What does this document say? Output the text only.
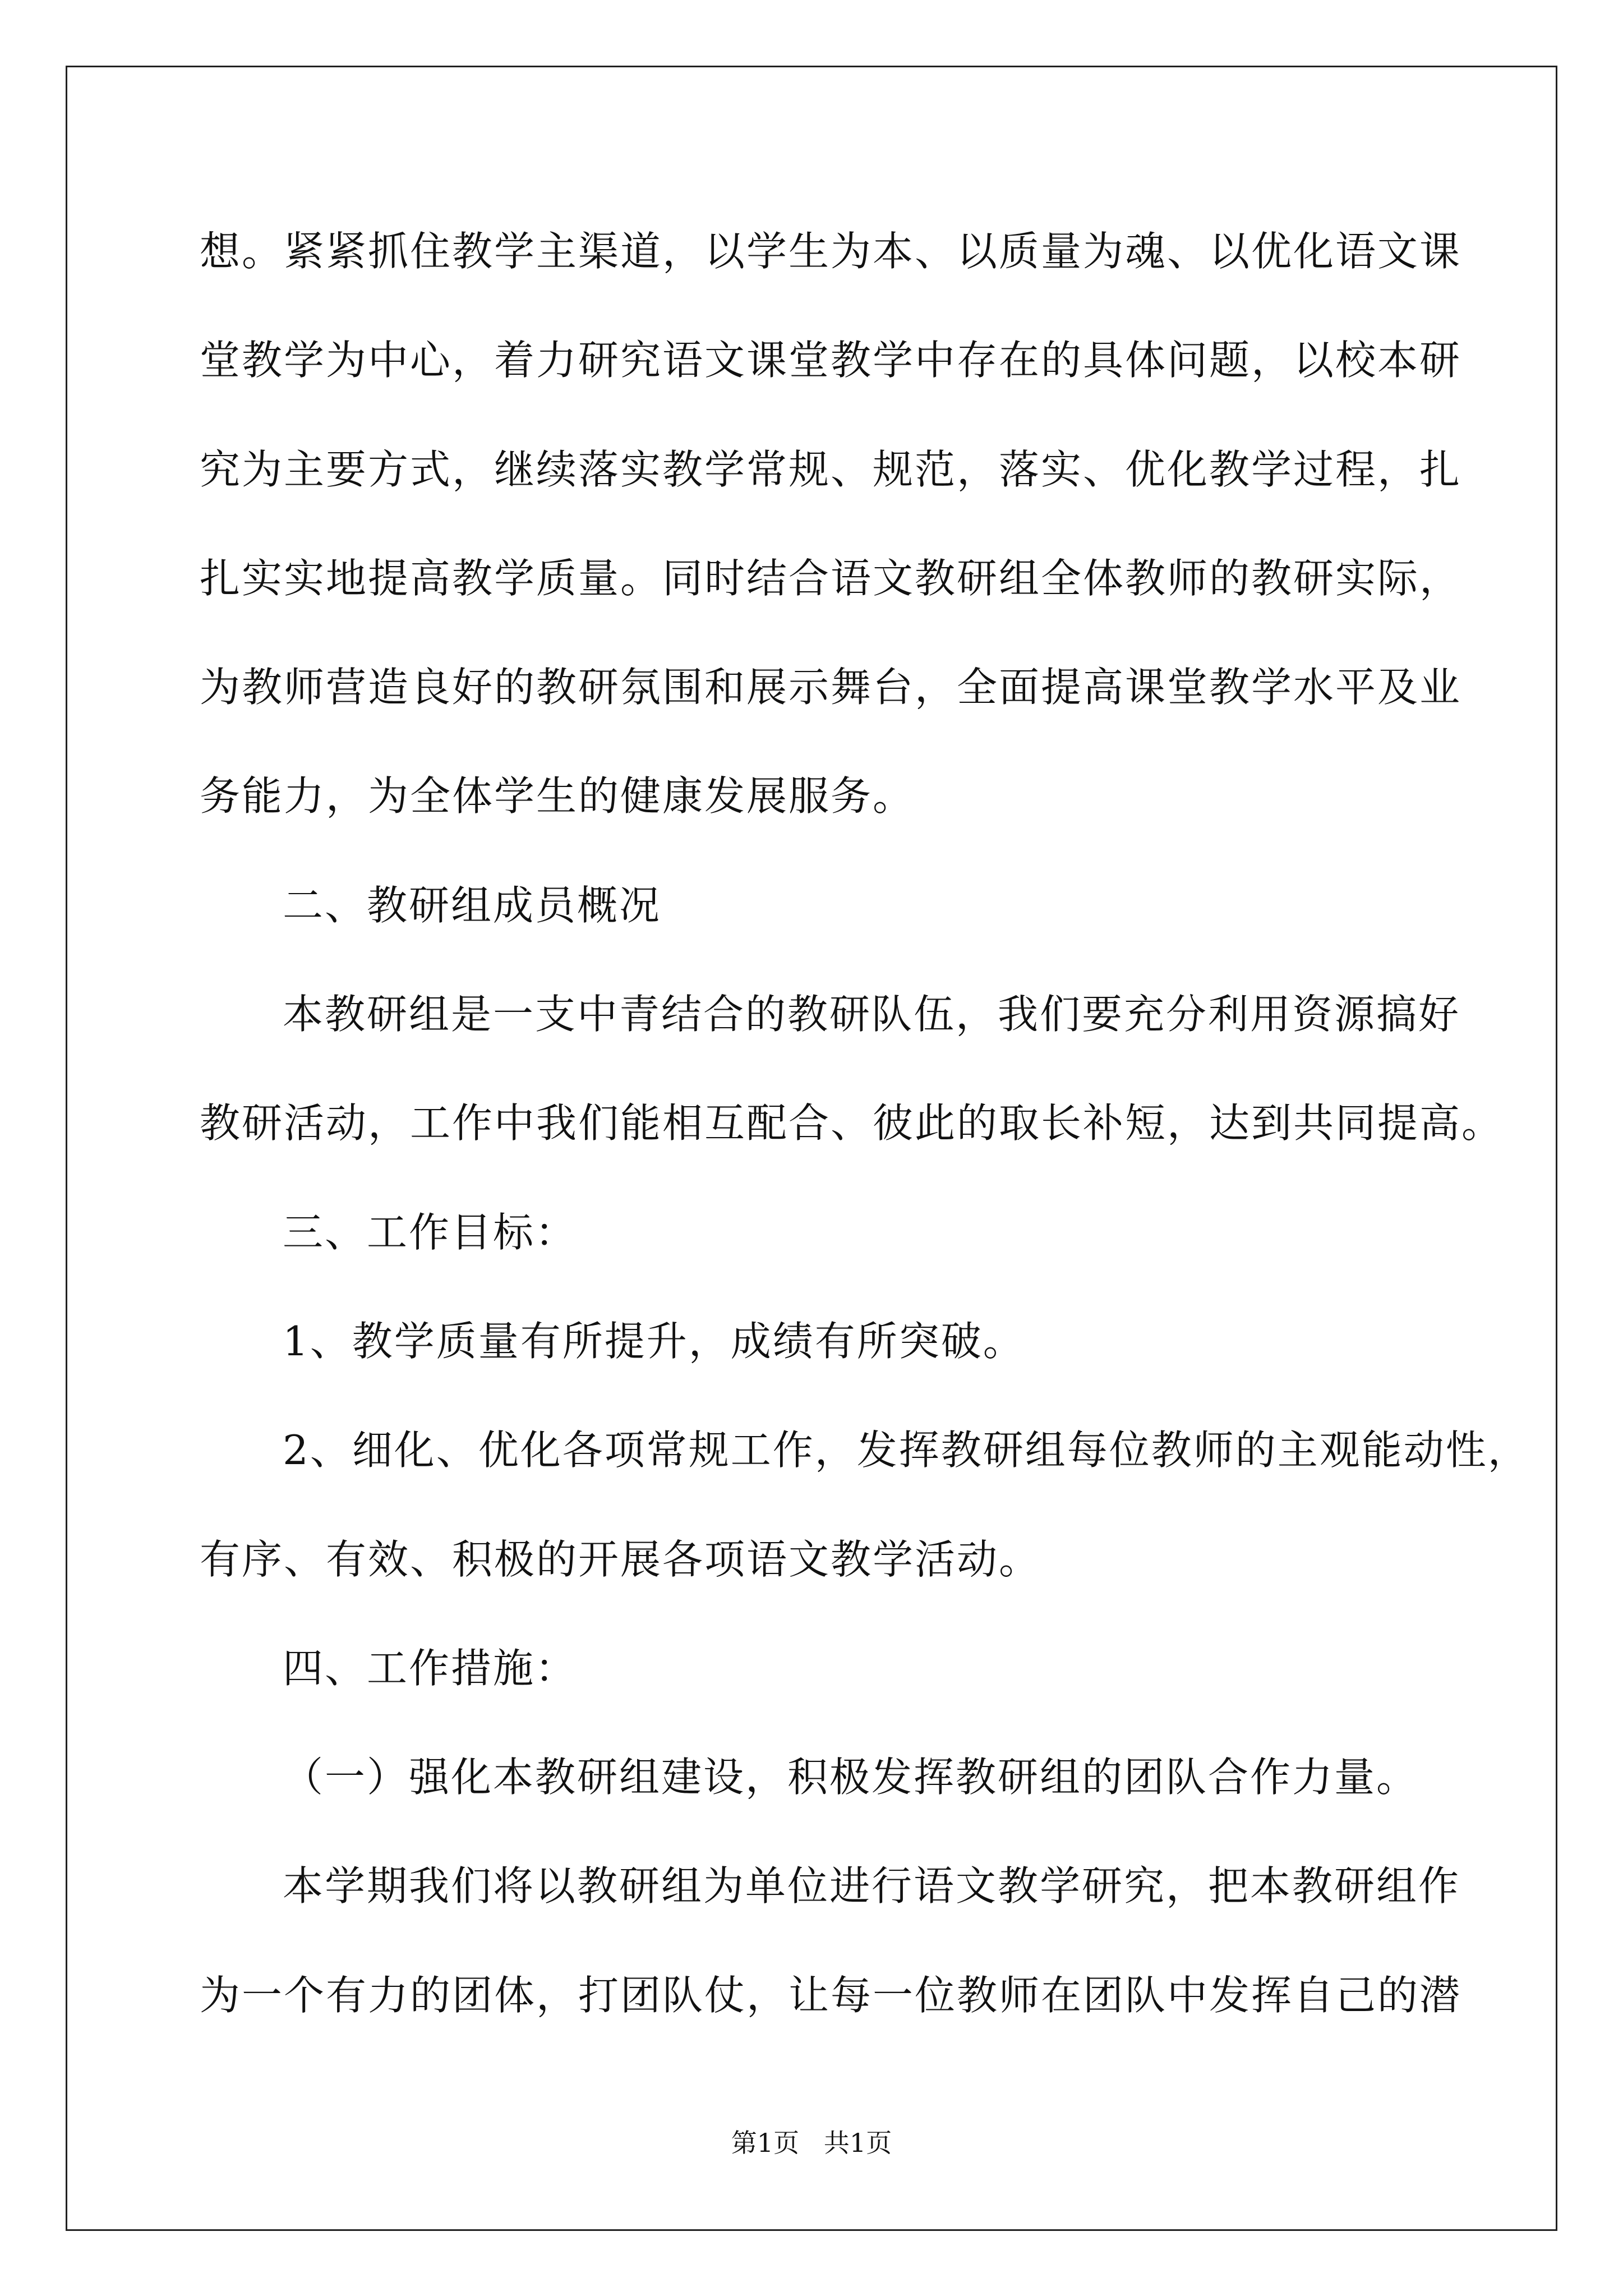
想。紧紧抓住教学主渠道，以学生为本、以质量为魂、以优化语文课

堂教学为中心，着力研究语文课堂教学中存在的具体问题，以校本研

究为主要方式，继续落实教学常规、规范，落实、优化教学过程，扎

扎实实地提高教学质量。同时结合语文教研组全体教师的教研实际，

为教师营造良好的教研氛围和展示舞台，全面提高课堂教学水平及业

务能力，为全体学生的健康发展服务。

二、教研组成员概况

本教研组是一支中青结合的教研队伍，我们要充分利用资源搞好

教研活动，工作中我们能相互配合、彼此的取长补短，达到共同提高。

三、工作目标：

1、教学质量有所提升，成绩有所突破。

2、细化、优化各项常规工作，发挥教研组每位教师的主观能动性，

有序、有效、积极的开展各项语文教学活动。

四、工作措施：

（一）强化本教研组建设，积极发挥教研组的团队合作力量。

本学期我们将以教研组为单位进行语文教学研究，把本教研组作

为一个有力的团体，打团队仗，让每一位教师在团队中发挥自己的潜

第1页   共1页
